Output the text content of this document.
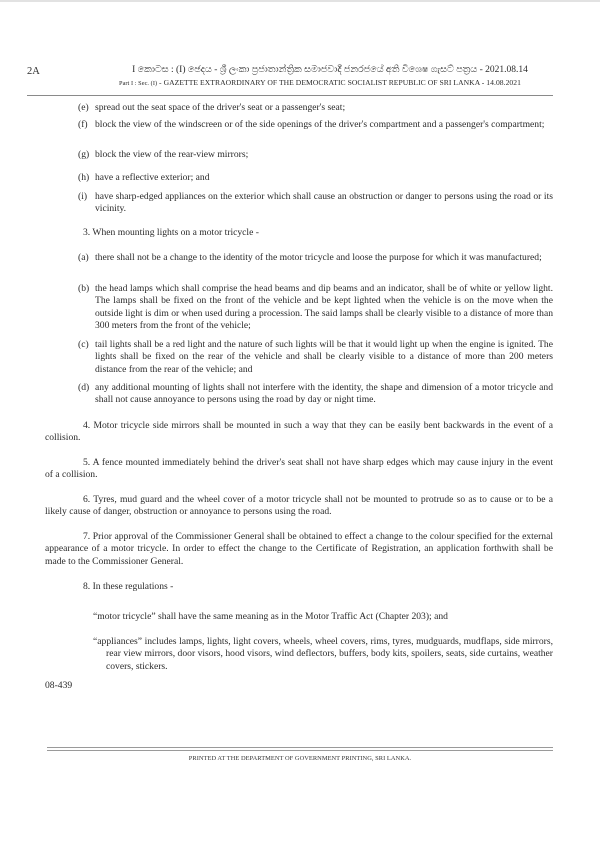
2A	I කොටස : (I) ඡෙදය - ශ්‍රී ලංකා ප්‍රජාතාන්ත්‍රික සමාජවාදී ජනරජයේ අති විශෙෂ ගැසට් පත්‍රය - 2021.08.14
Part I : Sec. (I) - GAZETTE EXTRAORDINARY OF THE DEMOCRATIC SOCIALIST REPUBLIC OF SRI LANKA - 14.08.2021
(e) spread out the seat space of the driver's seat or a passenger's seat;
(f) block the view of the windscreen or of the side openings of the driver's compartment and a passenger's compartment;
(g) block the view of the rear-view mirrors;
(h) have a reflective exterior; and
(i) have sharp-edged appliances on the exterior which shall cause an obstruction or danger to persons using the road or its vicinity.
3. When mounting lights on a motor tricycle -
(a) there shall not be a change to the identity of the motor tricycle and loose the purpose for which it was manufactured;
(b) the head lamps which shall comprise the head beams and dip beams and an indicator, shall be of white or yellow light. The lamps shall be fixed on the front of the vehicle and be kept lighted when the vehicle is on the move when the outside light is dim or when used during a procession. The said lamps shall be clearly visible to a distance of more than 300 meters from the front of the vehicle;
(c) tail lights shall be a red light and the nature of such lights will be that it would light up when the engine is ignited. The lights shall be fixed on the rear of the vehicle and shall be clearly visible to a distance of more than 200 meters distance from the rear of the vehicle; and
(d) any additional mounting of lights shall not interfere with the identity, the shape and dimension of a motor tricycle and shall not cause annoyance to persons using the road by day or night time.
4. Motor tricycle side mirrors shall be mounted in such a way that they can be easily bent backwards in the event of a collision.
5. A fence mounted immediately behind the driver's seat shall not have sharp edges which may cause injury in the event of a collision.
6. Tyres, mud guard and the wheel cover of a motor tricycle shall not be mounted to protrude so as to cause or to be a likely cause of danger, obstruction or annoyance to persons using the road.
7. Prior approval of the Commissioner General shall be obtained to effect a change to the colour specified for the external appearance of a motor tricycle. In order to effect the change to the Certificate of Registration, an application forthwith shall be made to the Commissioner General.
8. In these regulations -
“motor tricycle” shall have the same meaning as in the Motor Traffic Act (Chapter 203); and
“appliances” includes lamps, lights, light covers, wheels, wheel covers, rims, tyres, mudguards, mudflaps, side mirrors, rear view mirrors, door visors, hood visors, wind deflectors, buffers, body kits, spoilers, seats, side curtains, weather covers, stickers.
08-439
PRINTED AT THE DEPARTMENT OF GOVERNMENT PRINTING, SRI LANKA.
